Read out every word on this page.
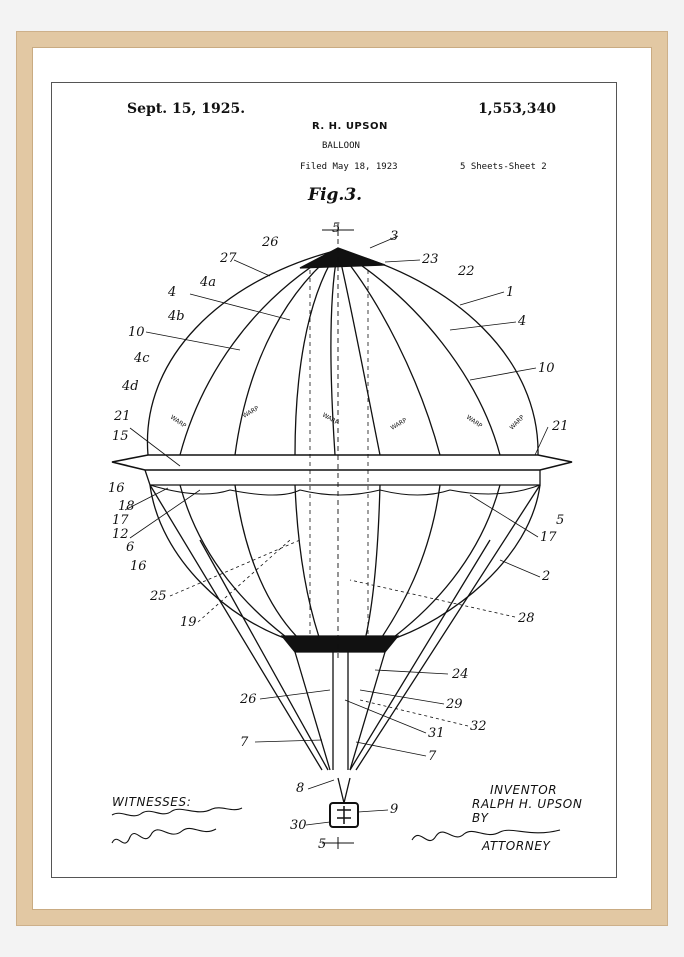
Sept. 15, 1925.	1,553,340
R. H. UPSON
BALLOON
Filed May 18, 1923	5 Sheets-Sheet 2
Fig.3.
WITNESSES:
INVENTOR
RALPH H. UPSON
BY
ATTORNEY
5
5
3
23
22
1
26
27
4a
4
4b	4
10
10
4c
4d
21
21
15
16
18
17
12
6
16
17
5
2
25
19	28
24
26	29
32
31
7
7
8
9
30
WARP
WARP	WARP	WARP	WARP	WARP
